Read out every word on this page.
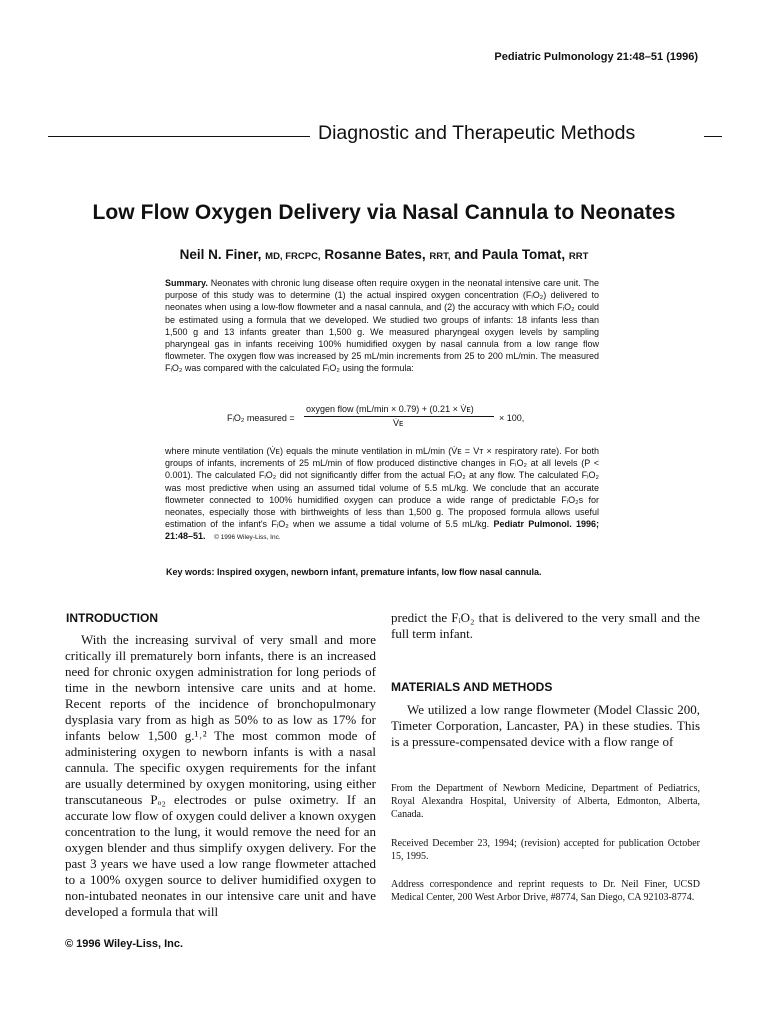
Pediatric Pulmonology 21:48–51 (1996)
Diagnostic and Therapeutic Methods
Low Flow Oxygen Delivery via Nasal Cannula to Neonates
Neil N. Finer, MD, FRCPC, Rosanne Bates, RRT, and Paula Tomat, RRT
Summary. Neonates with chronic lung disease often require oxygen in the neonatal intensive care unit. The purpose of this study was to determine (1) the actual inspired oxygen concentration (FᵢO₂) delivered to neonates when using a low-flow flowmeter and a nasal cannula, and (2) the accuracy with which FᵢO₂ could be estimated using a formula that we developed. We studied two groups of infants: 18 infants less than 1,500 g and 13 infants greater than 1,500 g. We measured pharyngeal oxygen levels by sampling pharyngeal gas in infants receiving 100% humidified oxygen by nasal cannula from a low range flow flowmeter. The oxygen flow was increased by 25 mL/min increments from 25 to 200 mL/min. The measured FᵢO₂ was compared with the calculated FᵢO₂ using the formula:
FᵢO₂ measured =
oxygen flow (mL/min × 0.79) + (0.21 × V̇ᴇ)
V̇ᴇ	× 100,
where minute ventilation (V̇ᴇ) equals the minute ventilation in mL/min (V̇ᴇ = Vᴛ × respiratory rate). For both groups of infants, increments of 25 mL/min of flow produced distinctive changes in FᵢO₂ at all levels (P < 0.001). The calculated FᵢO₂ did not significantly differ from the actual FᵢO₂ at any flow. The calculated FᵢO₂ was most predictive when using an assumed tidal volume of 5.5 mL/kg. We conclude that an accurate flowmeter connected to 100% humidified oxygen can produce a wide range of predictable FᵢO₂s for neonates, especially those with birthweights of less than 1,500 g. The proposed formula allows useful estimation of the infant's FᵢO₂ when we assume a tidal volume of 5.5 mL/kg. Pediatr Pulmonol. 1996; 21:48–51. © 1996 Wiley-Liss, Inc.
Key words: Inspired oxygen, newborn infant, premature infants, low flow nasal cannula.
INTRODUCTION

With the increasing survival of very small and more critically ill prematurely born infants, there is an increased need for chronic oxygen administration for long periods of time in the newborn intensive care units and at home. Recent reports of the incidence of bronchopulmonary dysplasia vary from as high as 50% to as low as 17% for infants below 1,500 g.¹˒² The most common mode of administering oxygen to newborn infants is with a nasal cannula. The specific oxygen requirements for the infant are usually determined by oxygen monitoring, using either transcutaneous Pₒ₂ electrodes or pulse oximetry. If an accurate low flow of oxygen could deliver a known oxygen concentration to the lung, it would remove the need for an oxygen blender and thus simplify oxygen delivery. For the past 3 years we have used a low range flowmeter attached to a 100% oxygen source to deliver humidified oxygen to non-intubated neonates in our intensive care unit and have developed a formula that will

predict the FᵢO₂ that is delivered to the very small and the full term infant.

MATERIALS AND METHODS

We utilized a low range flowmeter (Model Classic 200, Timeter Corporation, Lancaster, PA) in these studies. This is a pressure-compensated device with a flow range of

From the Department of Newborn Medicine, Department of Pediatrics, Royal Alexandra Hospital, University of Alberta, Edmonton, Alberta, Canada.

Received December 23, 1994; (revision) accepted for publication October 15, 1995.

Address correspondence and reprint requests to Dr. Neil Finer, UCSD Medical Center, 200 West Arbor Drive, #8774, San Diego, CA 92103-8774.

© 1996 Wiley-Liss, Inc.
